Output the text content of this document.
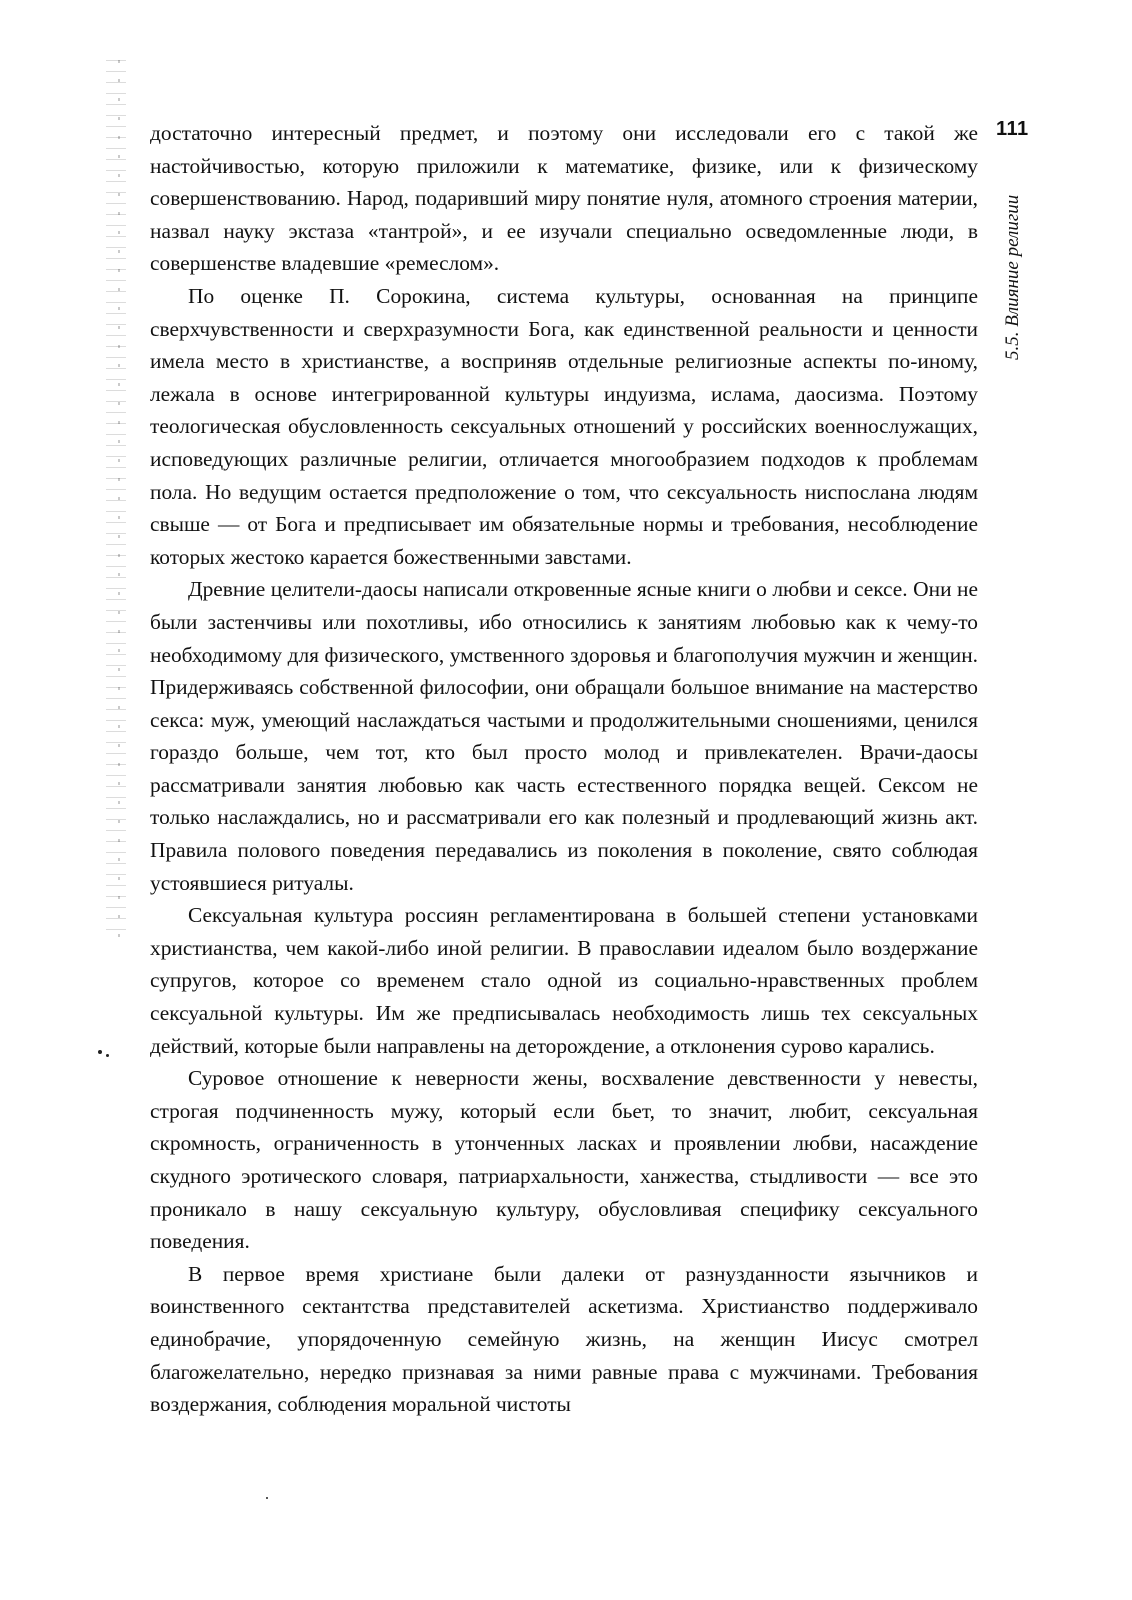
111
5.5. Влияние религии

достаточно интересный предмет, и поэтому они исследовали его с такой же настойчивостью, которую приложили к математике, физике, или к физическому совершенствованию. Народ, подаривший миру понятие нуля, атомного строения материи, назвал науку экстаза «тантрой», и ее изучали специально осведомленные люди, в совершенстве владевшие «ремеслом».

По оценке П. Сорокина, система культуры, основанная на принципе сверхчувственности и сверхразумности Бога, как единственной реальности и ценности имела место в христианстве, а восприняв отдельные религиозные аспекты по-иному, лежала в основе интегрированной культуры индуизма, ислама, даосизма. Поэтому теологическая обусловленность сексуальных отношений у российских военнослужащих, исповедующих различные религии, отличается многообразием подходов к проблемам пола. Но ведущим остается предположение о том, что сексуальность ниспослана людям свыше — от Бога и предписывает им обязательные нормы и требования, несоблюдение которых жестоко карается божественными завстами.

Древние целители-даосы написали откровенные ясные книги о любви и сексе. Они не были застенчивы или похотливы, ибо относились к занятиям любовью как к чему-то необходимому для физического, умственного здоровья и благополучия мужчин и женщин. Придерживаясь собственной философии, они обращали большое внимание на мастерство секса: муж, умеющий наслаждаться частыми и продолжительными сношениями, ценился гораздо больше, чем тот, кто был просто молод и привлекателен. Врачи-даосы рассматривали занятия любовью как часть естественного порядка вещей. Сексом не только наслаждались, но и рассматривали его как полезный и продлевающий жизнь акт. Правила полового поведения передавались из поколения в поколение, свято соблюдая устоявшиеся ритуалы.

Сексуальная культура россиян регламентирована в большей степени установками христианства, чем какой-либо иной религии. В православии идеалом было воздержание супругов, которое со временем стало одной из социально-нравственных проблем сексуальной культуры. Им же предписывалась необходимость лишь тех сексуальных действий, которые были направлены на деторождение, а отклонения сурово карались.

Суровое отношение к неверности жены, восхваление девственности у невесты, строгая подчиненность мужу, который если бьет, то значит, любит, сексуальная скромность, ограниченность в утонченных ласках и проявлении любви, насаждение скудного эротического словаря, патриархальности, ханжества, стыдливости — все это проникало в нашу сексуальную культуру, обусловливая специфику сексуального поведения.

В первое время христиане были далеки от разнузданности язычников и воинственного сектантства представителей аскетизма. Христианство поддерживало единобрачие, упорядоченную семейную жизнь, на женщин Иисус смотрел благожелательно, нередко признавая за ними равные права с мужчинами. Требования воздержания, соблюдения моральной чистоты
